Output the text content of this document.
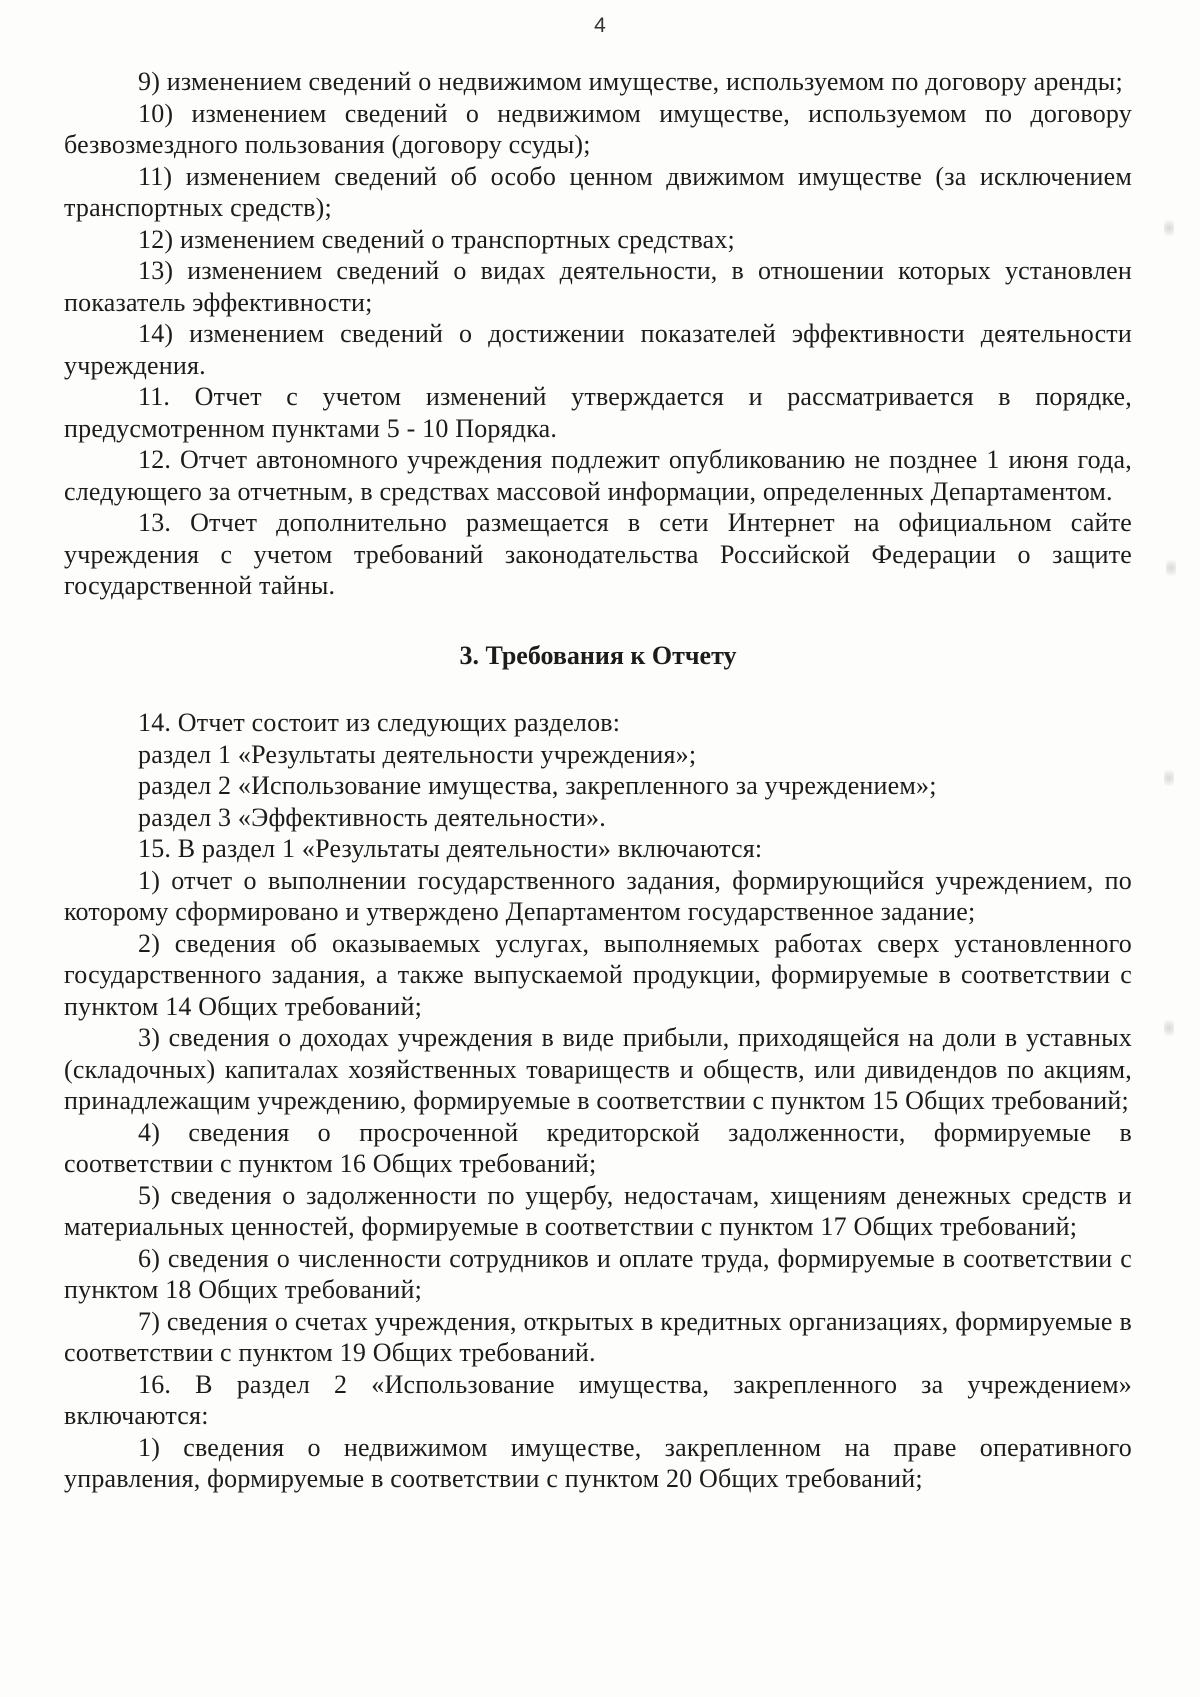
4

9) изменением сведений о недвижимом имуществе, используемом по договору аренды;

10) изменением сведений о недвижимом имуществе, используемом по договору безвозмездного пользования (договору ссуды);

11) изменением сведений об особо ценном движимом имуществе (за исключением транспортных средств);

12) изменением сведений о транспортных средствах;

13) изменением сведений о видах деятельности, в отношении которых установлен показатель эффективности;

14) изменением сведений о достижении показателей эффективности деятельности учреждения.

11. Отчет с учетом изменений утверждается и рассматривается в порядке, предусмотренном пунктами 5 - 10 Порядка.

12. Отчет автономного учреждения подлежит опубликованию не позднее 1 июня года, следующего за отчетным, в средствах массовой информации, определенных Департаментом.

13. Отчет дополнительно размещается в сети Интернет на официальном сайте учреждения с учетом требований законодательства Российской Федерации о защите государственной тайны.

3. Требования к Отчету

14. Отчет состоит из следующих разделов:

раздел 1 «Результаты деятельности учреждения»;

раздел 2 «Использование имущества, закрепленного за учреждением»;

раздел 3 «Эффективность деятельности».

15. В раздел 1 «Результаты деятельности» включаются:

1) отчет о выполнении государственного задания, формирующийся учреждением, по которому сформировано и утверждено Департаментом государственное задание;

2) сведения об оказываемых услугах, выполняемых работах сверх установленного государственного задания, а также выпускаемой продукции, формируемые в соответствии с пунктом 14 Общих требований;

3) сведения о доходах учреждения в виде прибыли, приходящейся на доли в уставных (складочных) капиталах хозяйственных товариществ и обществ, или дивидендов по акциям, принадлежащим учреждению, формируемые в соответствии с пунктом 15 Общих требований;

4) сведения о просроченной кредиторской задолженности, формируемые в соответствии с пунктом 16 Общих требований;

5) сведения о задолженности по ущербу, недостачам, хищениям денежных средств и материальных ценностей, формируемые в соответствии с пунктом 17 Общих требований;

6) сведения о численности сотрудников и оплате труда, формируемые в соответствии с пунктом 18 Общих требований;

7) сведения о счетах учреждения, открытых в кредитных организациях, формируемые в соответствии с пунктом 19 Общих требований.

16. В раздел 2 «Использование имущества, закрепленного за учреждением» включаются:

1) сведения о недвижимом имуществе, закрепленном на праве оперативного управления, формируемые в соответствии с пунктом 20 Общих требований;
